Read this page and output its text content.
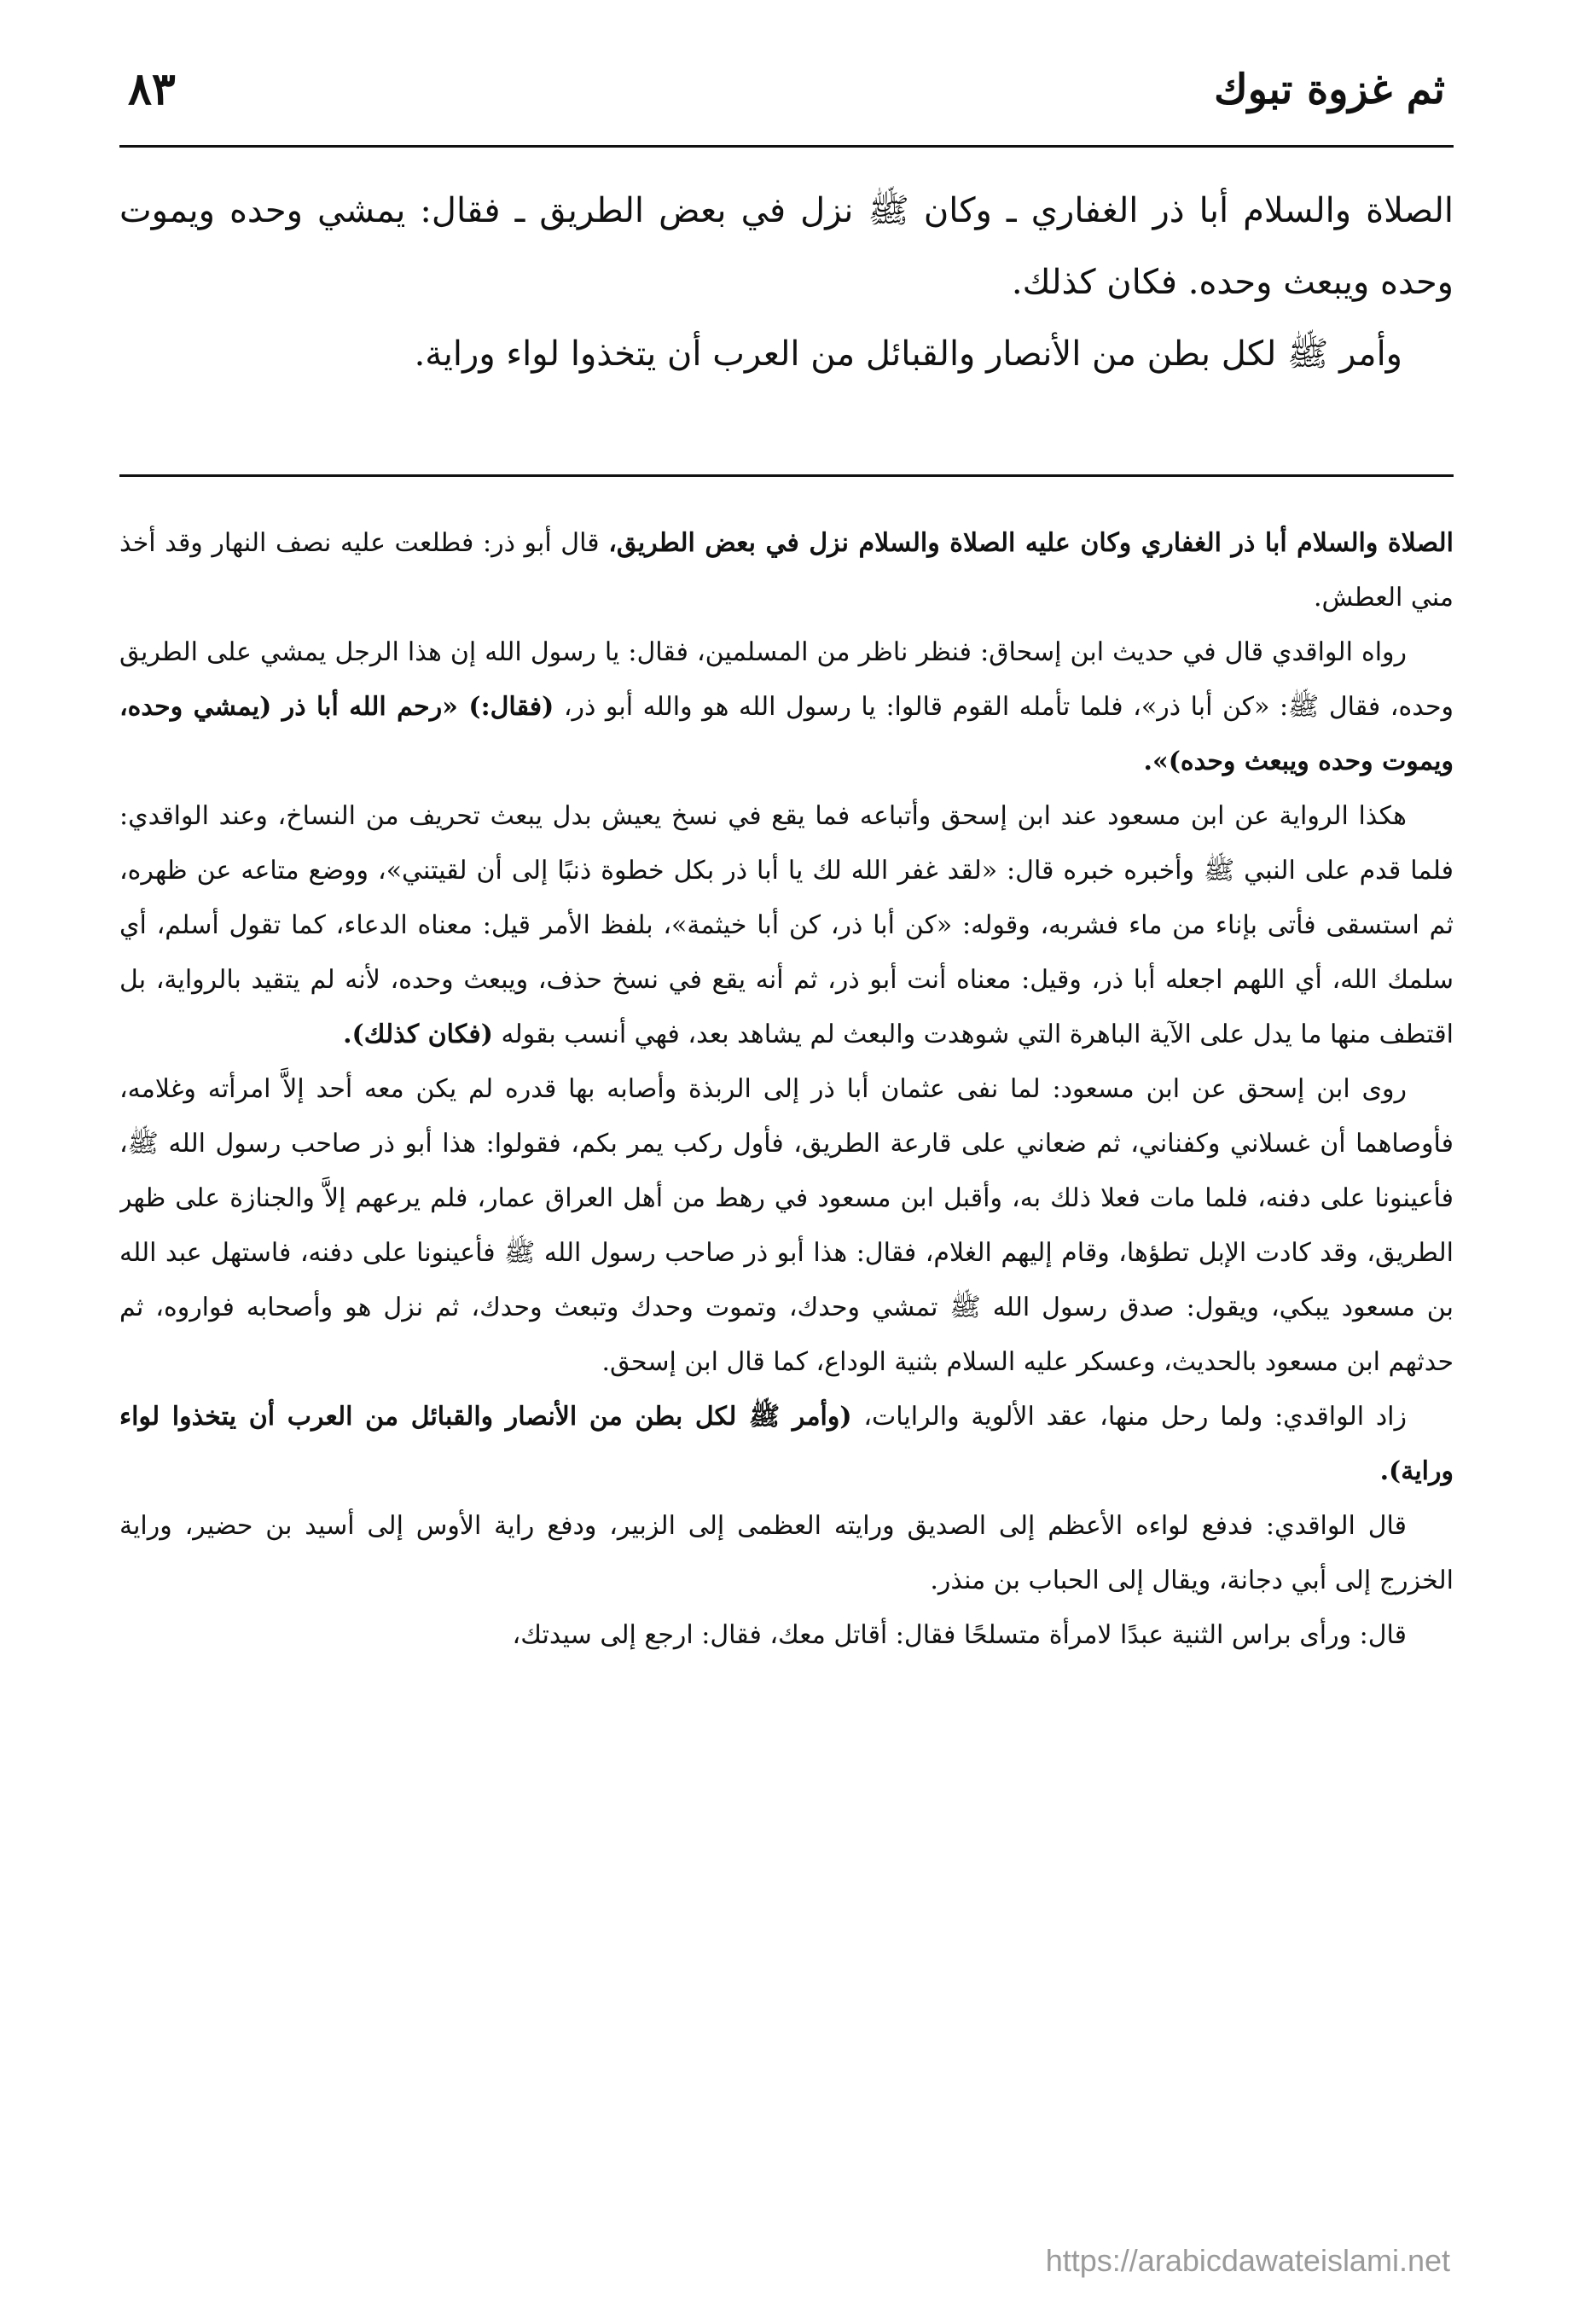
ثم غزوة تبوك
٨٣

الصلاة والسلام أبا ذر الغفاري ـ وكان ﷺ نزل في بعض الطريق ـ فقال: يمشي وحده ويموت وحده ويبعث وحده. فكان كذلك.

وأمر ﷺ لكل بطن من الأنصار والقبائل من العرب أن يتخذوا لواء وراية.

الصلاة والسلام أبا ذر الغفاري وكان عليه الصلاة والسلام نزل في بعض الطريق، قال أبو ذر: فطلعت عليه نصف النهار وقد أخذ مني العطش.

رواه الواقدي قال في حديث ابن إسحاق: فنظر ناظر من المسلمين، فقال: يا رسول الله إن هذا الرجل يمشي على الطريق وحده، فقال ﷺ: «كن أبا ذر»، فلما تأمله القوم قالوا: يا رسول الله هو والله أبو ذر، (فقال:) «رحم الله أبا ذر (يمشي وحده، ويموت وحده ويبعث وحده)».

هكذا الرواية عن ابن مسعود عند ابن إسحق وأتباعه فما يقع في نسخ يعيش بدل يبعث تحريف من النساخ، وعند الواقدي: فلما قدم على النبي ﷺ وأخبره خبره قال: «لقد غفر الله لك يا أبا ذر بكل خطوة ذنبًا إلى أن لقيتني»، ووضع متاعه عن ظهره، ثم استسقى فأتى بإناء من ماء فشربه، وقوله: «كن أبا ذر، كن أبا خيثمة»، بلفظ الأمر قيل: معناه الدعاء، كما تقول أسلم، أي سلمك الله، أي اللهم اجعله أبا ذر، وقيل: معناه أنت أبو ذر، ثم أنه يقع في نسخ حذف، ويبعث وحده، لأنه لم يتقيد بالرواية، بل اقتطف منها ما يدل على الآية الباهرة التي شوهدت والبعث لم يشاهد بعد، فهي أنسب بقوله (فكان كذلك).

روى ابن إسحق عن ابن مسعود: لما نفى عثمان أبا ذر إلى الربذة وأصابه بها قدره لم يكن معه أحد إلاَّ امرأته وغلامه، فأوصاهما أن غسلاني وكفناني، ثم ضعاني على قارعة الطريق، فأول ركب يمر بكم، فقولوا: هذا أبو ذر صاحب رسول الله ﷺ، فأعينونا على دفنه، فلما مات فعلا ذلك به، وأقبل ابن مسعود في رهط من أهل العراق عمار، فلم يرعهم إلاَّ والجنازة على ظهر الطريق، وقد كادت الإبل تطؤها، وقام إليهم الغلام، فقال: هذا أبو ذر صاحب رسول الله ﷺ فأعينونا على دفنه، فاستهل عبد الله بن مسعود يبكي، ويقول: صدق رسول الله ﷺ تمشي وحدك، وتموت وحدك وتبعث وحدك، ثم نزل هو وأصحابه فواروه، ثم حدثهم ابن مسعود بالحديث، وعسكر عليه السلام بثنية الوداع، كما قال ابن إسحق.

زاد الواقدي: ولما رحل منها، عقد الألوية والرايات، (وأمر ﷺ لكل بطن من الأنصار والقبائل من العرب أن يتخذوا لواء وراية).

قال الواقدي: فدفع لواءه الأعظم إلى الصديق ورايته العظمى إلى الزبير، ودفع راية الأوس إلى أسيد بن حضير، وراية الخزرج إلى أبي دجانة، ويقال إلى الحباب بن منذر.

قال: ورأى براس الثنية عبدًا لامرأة متسلحًا فقال: أقاتل معك، فقال: ارجع إلى سيدتك،

https://arabicdawateislami.net
